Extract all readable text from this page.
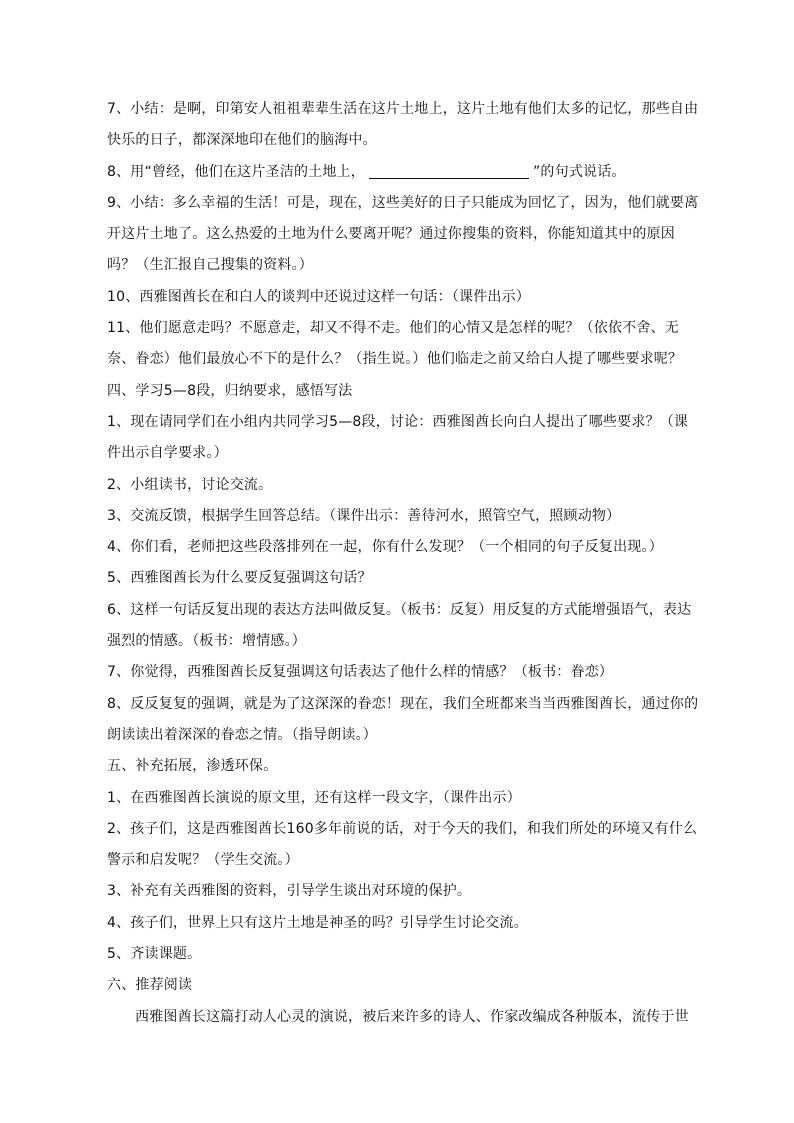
7、小结：是啊，印第安人祖祖辈辈生活在这片土地上，这片土地有他们太多的记忆，那些自由
快乐的日子，都深深地印在他们的脑海中。
8、用“曾经，他们在这片圣洁的土地上，	”的句式说话。
9、小结：多么幸福的生活！可是，现在，这些美好的日子只能成为回忆了，因为，他们就要离
开这片土地了。这么热爱的土地为什么要离开呢？通过你搜集的资料，你能知道其中的原因
吗？（生汇报自己搜集的资料。）
10、西雅图酋长在和白人的谈判中还说过这样一句话：（课件出示）
11、他们愿意走吗？不愿意走，却又不得不走。他们的心情又是怎样的呢？（依依不舍、无
奈、眷恋）他们最放心不下的是什么？（指生说。）他们临走之前又给白人提了哪些要求呢？
四、学习5—8段，归纳要求，感悟写法
1、现在请同学们在小组内共同学习5—8段，讨论：西雅图酋长向白人提出了哪些要求？（课
件出示自学要求。）
2、小组读书，讨论交流。
3、交流反馈，根据学生回答总结。（课件出示：善待河水，照管空气，照顾动物）
4、你们看，老师把这些段落排列在一起，你有什么发现？（一个相同的句子反复出现。）
5、西雅图酋长为什么要反复强调这句话？
6、这样一句话反复出现的表达方法叫做反复。（板书：反复）用反复的方式能增强语气，表达
强烈的情感。（板书：增情感。）
7、你觉得，西雅图酋长反复强调这句话表达了他什么样的情感？（板书：眷恋）
8、反反复复的强调，就是为了这深深的眷恋！现在，我们全班都来当当西雅图酋长，通过你的
朗读读出着深深的眷恋之情。（指导朗读。）
五、补充拓展，渗透环保。
1、在西雅图酋长演说的原文里，还有这样一段文字，（课件出示）
2、孩子们，这是西雅图酋长160多年前说的话，对于今天的我们，和我们所处的环境又有什么
警示和启发呢？（学生交流。）
3、补充有关西雅图的资料，引导学生谈出对环境的保护。
4、孩子们，世界上只有这片土地是神圣的吗？引导学生讨论交流。
5、齐读课题。
六、推荐阅读
西雅图酋长这篇打动人心灵的演说，被后来许多的诗人、作家改编成各种版本，流传于世
